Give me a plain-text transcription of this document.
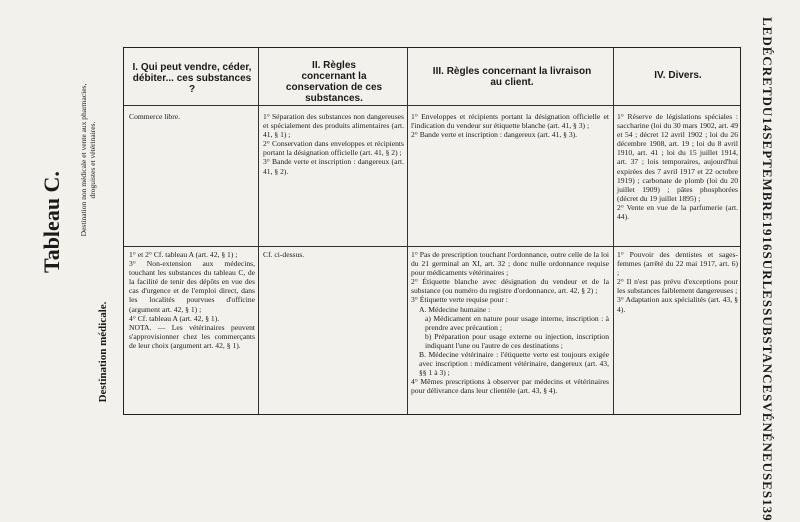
Tableau C. Destination non médicale et vente aux pharmacies, droguistes et vétérinaires.
Destination médicale.
LE
DÉCRET
DU
14
SEPTEMBRE
1916
SUR
LES
SUBSTANCES
VÉNÉNEUSES
139
I. Qui peut vendre, céder, débiter... ces substances ?
II. Règles concernant la conservation de ces substances.
III. Règles concernant la livraison au client.
IV. Divers.

Commerce libre.	1° Séparation des substances non dangereuses et spécialement des produits alimentaires (art. 41, § 1) ;

2° Conservation dans enveloppes et récipients portant la désignation officielle (art. 41, § 2) ;

3° Bande verte et inscription : dangereux (art. 41, § 2).

1° Enveloppes et récipients portant la désignation officielle et l'indication du vendeur sur étiquette blanche (art. 41, § 3) ;

2° Bande verte et inscription : dangereux (art. 41, § 3).

1° Réserve de législations spéciales : saccharine (loi du 30 mars 1902, art. 49 et 54 ; décret 12 avril 1902 ; loi du 26 décembre 1908, art. 19 ; loi du 8 avril 1910, art. 41 ; loi du 15 juillet 1914, art. 37 ; lois temporaires, aujourd'hui expirées des 7 avril 1917 et 22 octobre 1919) ; carbonate de plomb (loi du 20 juillet 1909) ; pâtes phosphorées (décret du 19 juillet 1895) ;

2° Vente en vue de la parfumerie (art. 44).

1° et 2° Cf. tableau A (art. 42, § 1) ;

3° Non-extension aux médecins, touchant les substances du tableau C, de la facilité de tenir des dépôts en vue des cas d'urgence et de l'emploi direct, dans les localités pourvues d'officine (argument art. 42, § 1) ;

4° Cf. tableau A (art. 42, § 1).

NOTA. — Les vétérinaires peuvent s'approvisionner chez les commerçants de leur choix (argument art. 42, § 1).

Cf. ci-dessus.	1° Pas de prescription touchant l'ordonnance, outre celle de la loi du 21 germinal an XI, art. 32 ; donc nulle ordonnance requise pour médicaments vétérinaires ;

2° Étiquette blanche avec désignation du vendeur et de la substance (ou numéro du registre d'ordonnance, art. 42, § 2) ;

3° Étiquette verte requise pour :

A. Médecine humaine :

a) Médicament en nature pour usage interne, inscription : à prendre avec précaution ;

b) Préparation pour usage externe ou injection, inscription indiquant l'une ou l'autre de ces destinations ;

B. Médecine vétérinaire : l'étiquette verte est toujours exigée avec inscription : médicament vétérinaire, dangereux (art. 43, §§ 1 à 3) ;

4° Mêmes prescriptions à observer par médecins et vétérinaires pour délivrance dans leur clientèle (art. 43, § 4).

1° Pouvoir des dentistes et sages-femmes (arrêté du 22 mai 1917, art. 6) ;

2° Il n'est pas prévu d'exceptions pour les substances faiblement dangereuses ;

3° Adaptation aux spécialités (art. 43, § 4).
